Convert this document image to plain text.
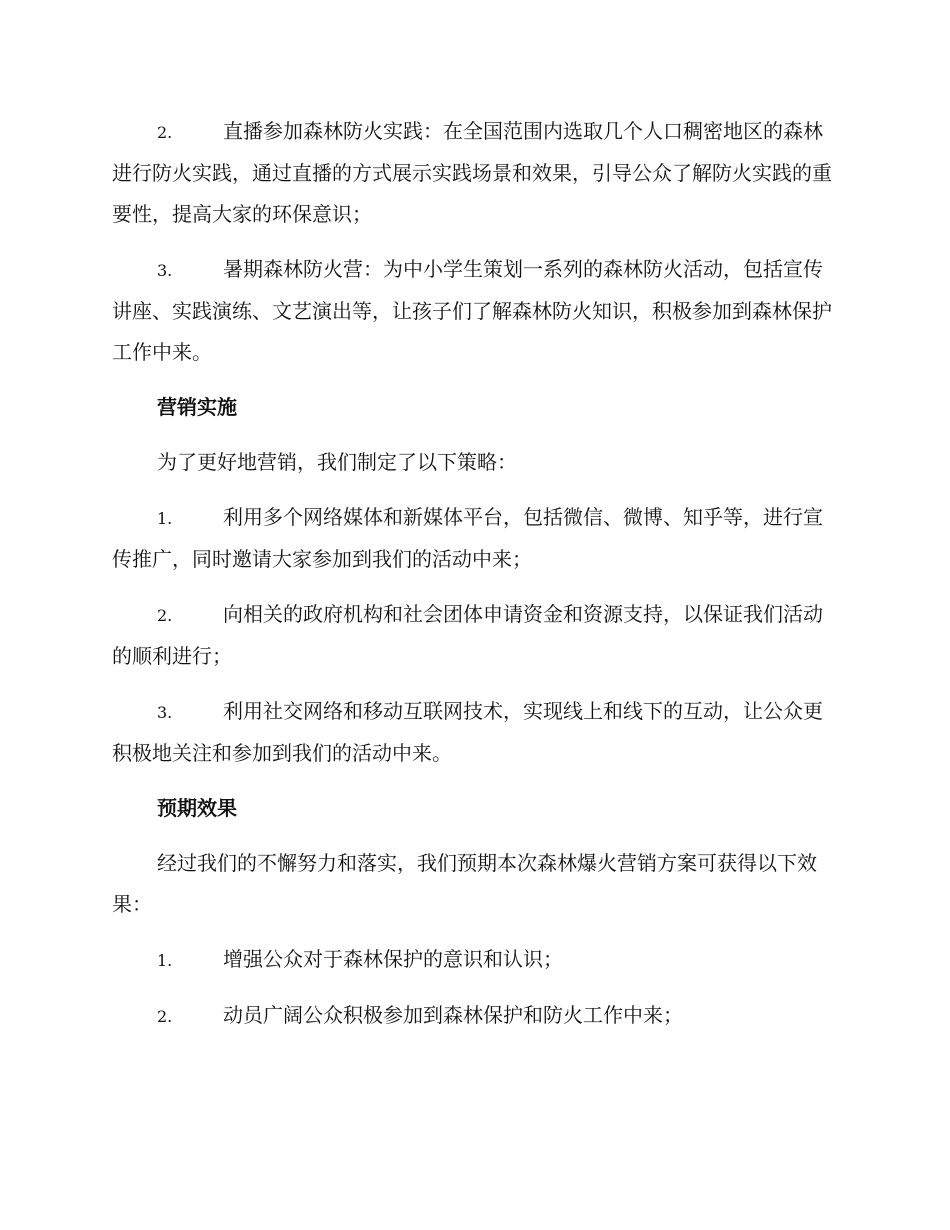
2.	直播参加森林防火实践：在全国范围内选取几个人口稠密地区的森林进行防火实践，通过直播的方式展示实践场景和效果，引导公众了解防火实践的重要性，提高大家的环保意识；

3.	暑期森林防火营：为中小学生策划一系列的森林防火活动，包括宣传讲座、实践演练、文艺演出等，让孩子们了解森林防火知识，积极参加到森林保护工作中来。

营销实施

为了更好地营销，我们制定了以下策略：

1.	利用多个网络媒体和新媒体平台，包括微信、微博、知乎等，进行宣传推广，同时邀请大家参加到我们的活动中来；

2.	向相关的政府机构和社会团体申请资金和资源支持，以保证我们活动的顺利进行；

3.	利用社交网络和移动互联网技术，实现线上和线下的互动，让公众更积极地关注和参加到我们的活动中来。

预期效果

经过我们的不懈努力和落实，我们预期本次森林爆火营销方案可获得以下效果：

1.	增强公众对于森林保护的意识和认识；

2.	动员广阔公众积极参加到森林保护和防火工作中来；
